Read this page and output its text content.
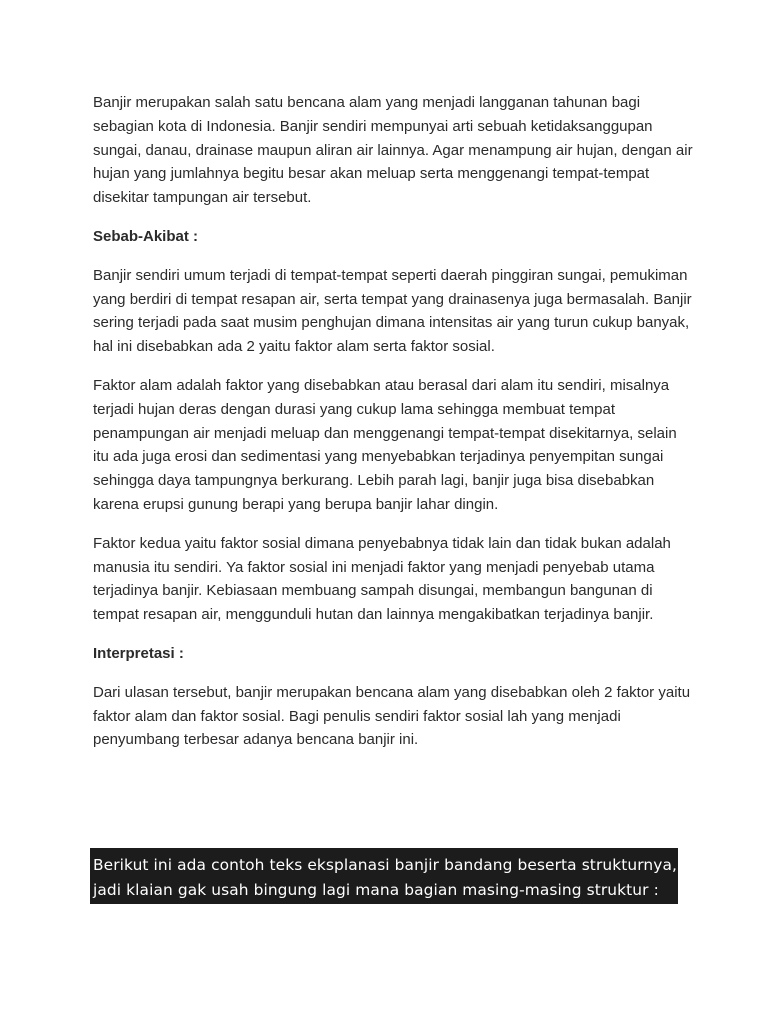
Banjir merupakan salah satu bencana alam yang menjadi langganan tahunan bagi sebagian kota di Indonesia. Banjir sendiri mempunyai arti sebuah ketidaksanggupan sungai, danau, drainase maupun aliran air lainnya. Agar menampung air hujan, dengan air hujan yang jumlahnya begitu besar akan meluap serta menggenangi tempat-tempat disekitar tampungan air tersebut.

Sebab-Akibat :

Banjir sendiri umum terjadi di tempat-tempat seperti daerah pinggiran sungai, pemukiman yang berdiri di tempat resapan air, serta tempat yang drainasenya juga bermasalah. Banjir sering terjadi pada saat musim penghujan dimana intensitas air yang turun cukup banyak, hal ini disebabkan ada 2 yaitu faktor alam serta faktor sosial.

Faktor alam adalah faktor yang disebabkan atau berasal dari alam itu sendiri, misalnya terjadi hujan deras dengan durasi yang cukup lama sehingga membuat tempat penampungan air menjadi meluap dan menggenangi tempat-tempat disekitarnya, selain itu ada juga erosi dan sedimentasi yang menyebabkan terjadinya penyempitan sungai sehingga daya tampungnya berkurang. Lebih parah lagi, banjir juga bisa disebabkan karena erupsi gunung berapi yang berupa banjir lahar dingin.

Faktor kedua yaitu faktor sosial dimana penyebabnya tidak lain dan tidak bukan adalah manusia itu sendiri. Ya faktor sosial ini menjadi faktor yang menjadi penyebab utama terjadinya banjir. Kebiasaan membuang sampah disungai, membangun bangunan di tempat resapan air, menggunduli hutan dan lainnya mengakibatkan terjadinya banjir.

Interpretasi :

Dari ulasan tersebut, banjir merupakan bencana alam yang disebabkan oleh 2 faktor yaitu faktor alam dan faktor sosial. Bagi penulis sendiri faktor sosial lah yang menjadi penyumbang terbesar adanya bencana banjir ini.

Berikut ini ada contoh teks eksplanasi banjir bandang beserta strukturnya,
jadi klaian gak usah bingung lagi mana bagian masing-masing struktur :
